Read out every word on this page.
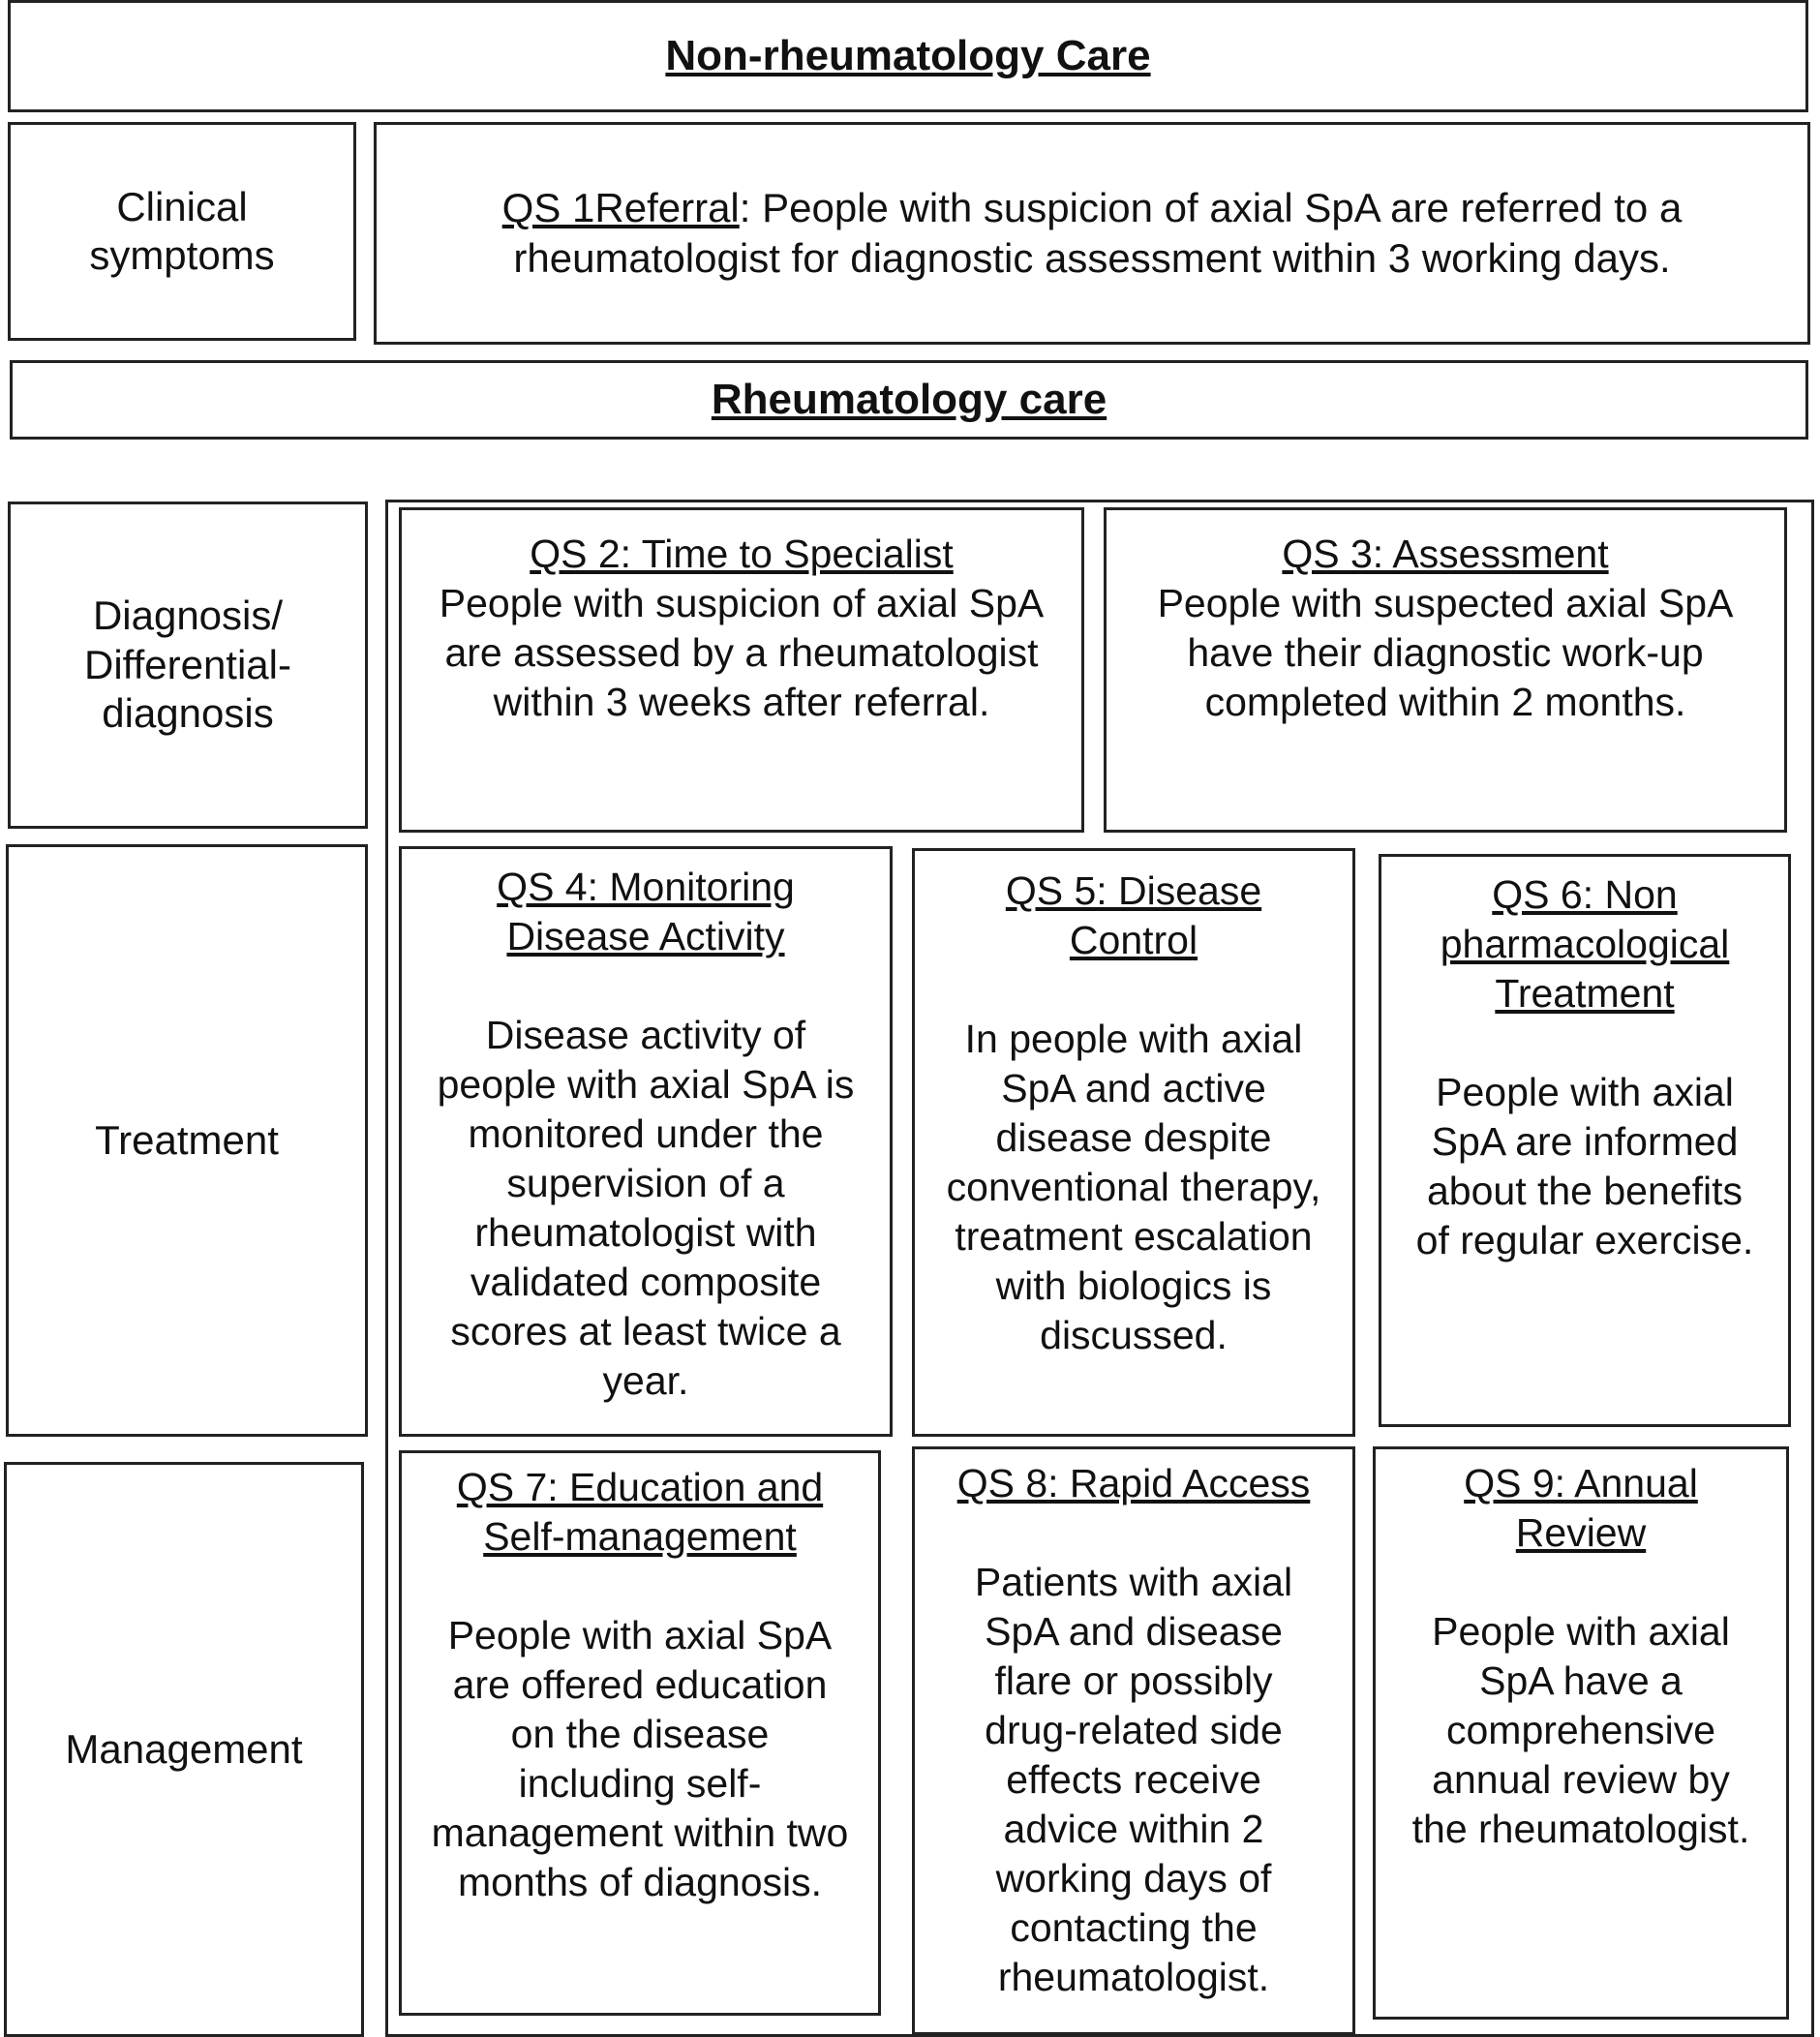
Non-rheumatology Care
Clinical symptoms
QS 1Referral: People with suspicion of axial SpA are referred to a rheumatologist for diagnostic assessment within 3 working days.
Rheumatology care
Diagnosis/
Differential-
diagnosis
QS 2: Time to Specialist
People with suspicion of axial SpA are assessed by a rheumatologist within 3 weeks after referral.
QS 3: Assessment
People with suspected axial SpA have their diagnostic work-up completed within 2 months.
Treatment
QS 4: Monitoring Disease Activity
Disease activity of people with axial SpA is monitored under the supervision of a rheumatologist with validated composite scores at least twice a year.
QS 5: Disease Control
In people with axial SpA and active disease despite conventional therapy, treatment escalation with biologics is discussed.
QS 6: Non pharmacological Treatment
People with axial SpA are informed about the benefits of regular exercise.
Management
QS 7: Education and Self-management
People with axial SpA are offered education on the disease including self-management within two months of diagnosis.
QS 8: Rapid Access
Patients with axial SpA and disease flare or possibly drug-related side effects receive advice within 2 working days of contacting the rheumatologist.
QS 9: Annual Review
People with axial SpA have a comprehensive annual review by the rheumatologist.
